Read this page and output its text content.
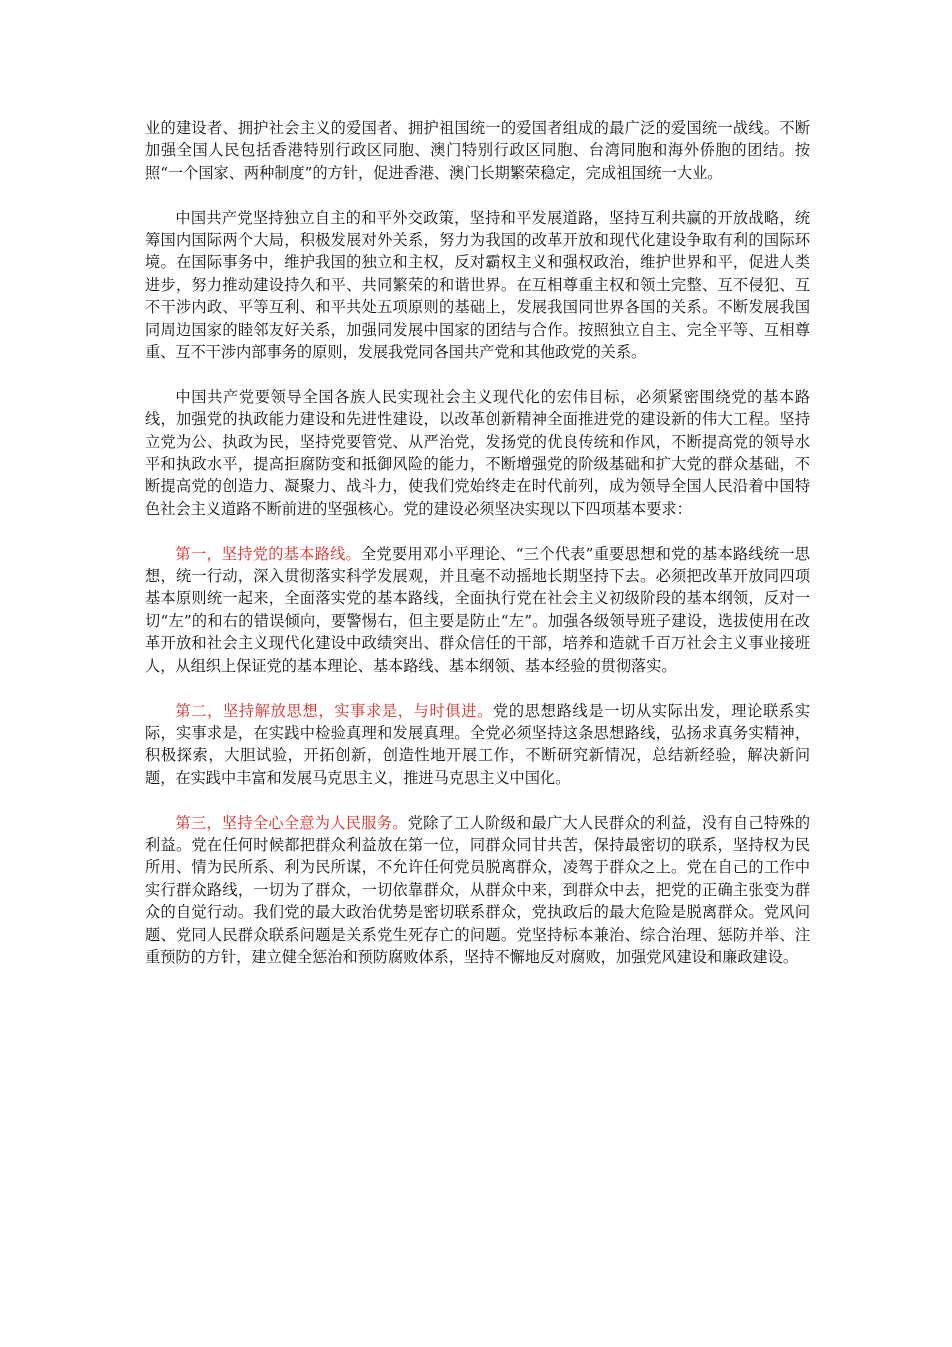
业的建设者、拥护社会主义的爱国者、拥护祖国统一的爱国者组成的最广泛的爱国统一战线。不断加强全国人民包括香港特别行政区同胞、澳门特别行政区同胞、台湾同胞和海外侨胞的团结。按照“一个国家、两种制度”的方针，促进香港、澳门长期繁荣稳定，完成祖国统一大业。

中国共产党坚持独立自主的和平外交政策，坚持和平发展道路，坚持互利共赢的开放战略，统筹国内国际两个大局，积极发展对外关系，努力为我国的改革开放和现代化建设争取有利的国际环境。在国际事务中，维护我国的独立和主权，反对霸权主义和强权政治，维护世界和平，促进人类进步，努力推动建设持久和平、共同繁荣的和谐世界。在互相尊重主权和领土完整、互不侵犯、互不干涉内政、平等互利、和平共处五项原则的基础上，发展我国同世界各国的关系。不断发展我国同周边国家的睦邻友好关系，加强同发展中国家的团结与合作。按照独立自主、完全平等、互相尊重、互不干涉内部事务的原则，发展我党同各国共产党和其他政党的关系。

中国共产党要领导全国各族人民实现社会主义现代化的宏伟目标，必须紧密围绕党的基本路线，加强党的执政能力建设和先进性建设，以改革创新精神全面推进党的建设新的伟大工程。坚持立党为公、执政为民，坚持党要管党、从严治党，发扬党的优良传统和作风，不断提高党的领导水平和执政水平，提高拒腐防变和抵御风险的能力，不断增强党的阶级基础和扩大党的群众基础，不断提高党的创造力、凝聚力、战斗力，使我们党始终走在时代前列，成为领导全国人民沿着中国特色社会主义道路不断前进的坚强核心。党的建设必须坚决实现以下四项基本要求：

第一，坚持党的基本路线。全党要用邓小平理论、“三个代表”重要思想和党的基本路线统一思想，统一行动，深入贯彻落实科学发展观，并且毫不动摇地长期坚持下去。必须把改革开放同四项基本原则统一起来，全面落实党的基本路线，全面执行党在社会主义初级阶段的基本纲领，反对一切“左”的和右的错误倾向，要警惕右，但主要是防止“左”。加强各级领导班子建设，选拔使用在改革开放和社会主义现代化建设中政绩突出、群众信任的干部，培养和造就千百万社会主义事业接班人，从组织上保证党的基本理论、基本路线、基本纲领、基本经验的贯彻落实。

第二，坚持解放思想，实事求是，与时俱进。党的思想路线是一切从实际出发，理论联系实际，实事求是，在实践中检验真理和发展真理。全党必须坚持这条思想路线，弘扬求真务实精神，积极探索，大胆试验，开拓创新，创造性地开展工作，不断研究新情况，总结新经验，解决新问题，在实践中丰富和发展马克思主义，推进马克思主义中国化。

第三，坚持全心全意为人民服务。党除了工人阶级和最广大人民群众的利益，没有自己特殊的利益。党在任何时候都把群众利益放在第一位，同群众同甘共苦，保持最密切的联系，坚持权为民所用、情为民所系、利为民所谋，不允许任何党员脱离群众，凌驾于群众之上。党在自己的工作中实行群众路线，一切为了群众，一切依靠群众，从群众中来，到群众中去，把党的正确主张变为群众的自觉行动。我们党的最大政治优势是密切联系群众，党执政后的最大危险是脱离群众。党风问题、党同人民群众联系问题是关系党生死存亡的问题。党坚持标本兼治、综合治理、惩防并举、注重预防的方针，建立健全惩治和预防腐败体系，坚持不懈地反对腐败，加强党风建设和廉政建设。
